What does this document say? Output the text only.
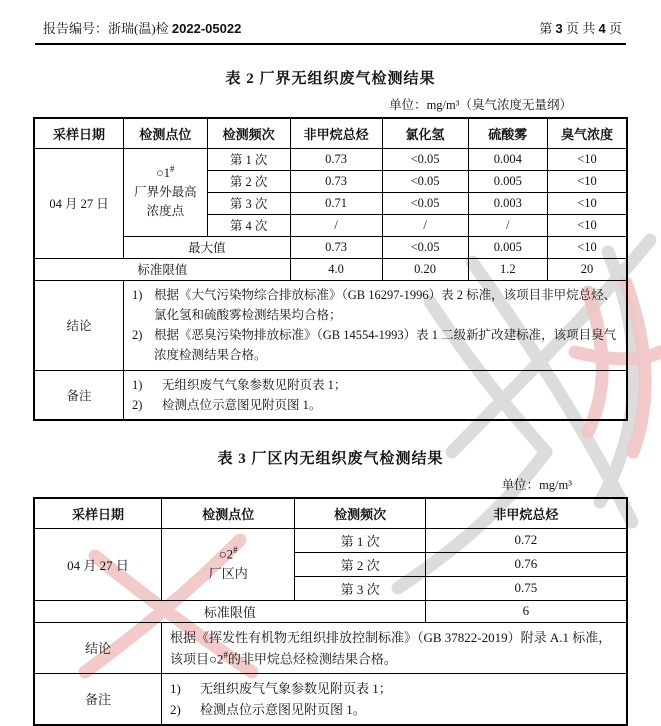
报告编号：浙瑞(温)检 2022-05022	第 3 页 共 4 页
表 2 厂界无组织废气检测结果
单位：mg/m³（臭气浓度无量纲）
采样日期	检测点位	检测频次	非甲烷总烃	氯化氢	硫酸雾	臭气浓度
04 月 27 日	○1#
厂界外最高
浓度点	第 1 次	0.73	<0.05	0.004	<10
		第 2 次	0.73	<0.05	0.005	<10
		第 3 次	0.71	<0.05	0.003	<10
		第 4 次	/	/	/	<10
	最大值		0.73	<0.05	0.005	<10
标准限值			4.0	0.20	1.2	20
结论	1) 根据《大气污染物综合排放标准》（GB 16297-1996）表 2 标准，该项目非甲烷总烃、氯化氢和硫酸雾检测结果均合格；
2) 根据《恶臭污染物排放标准》（GB 14554-1993）表 1 二级新扩改建标准，该项目臭气浓度检测结果合格。					

备注	1) 无组织废气气象参数见附页表 1；
2) 检测点位示意图见附页图 1。					
表 3 厂区内无组织废气检测结果
单位：mg/m³
采样日期	检测点位	检测频次	非甲烷总烃
04 月 27 日	○2#
厂区内	第 1 次	0.72
		第 2 次	0.76
		第 3 次	0.75
标准限值			6
结论	根据《挥发性有机物无组织排放控制标准》（GB 37822-2019）附录 A.1 标准，该项目○2#的非甲烷总烃检测结果合格。		
备注	1) 无组织废气气象参数见附页表 1；
2) 检测点位示意图见附页图 1。		
